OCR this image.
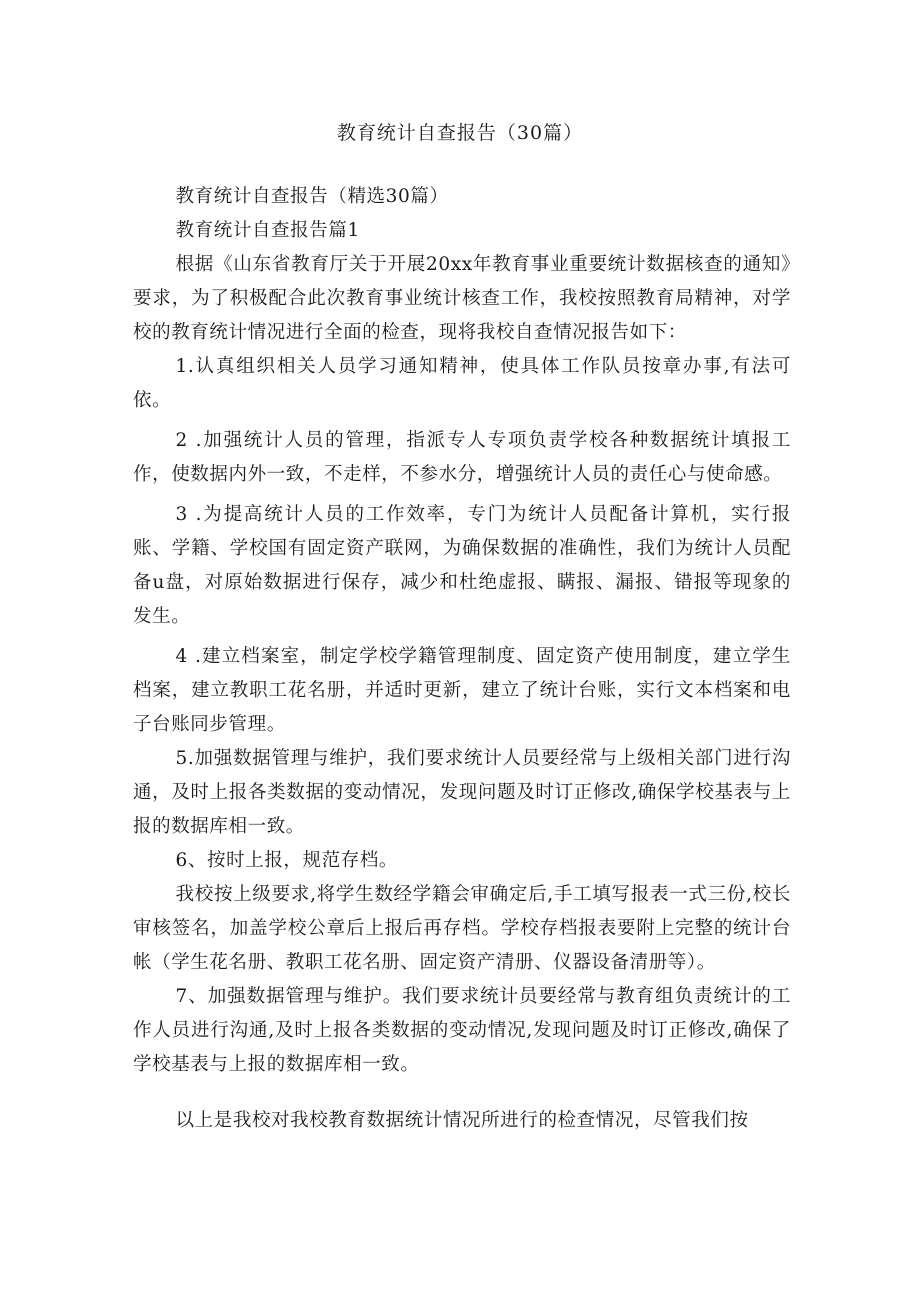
教育统计自查报告（30篇）

教育统计自查报告（精选30篇）

教育统计自查报告篇1

根据《山东省教育厅关于开展20xx年教育事业重要统计数据核查的通知》要求，为了积极配合此次教育事业统计核查工作，我校按照教育局精神，对学校的教育统计情况进行全面的检查，现将我校自查情况报告如下：

1.认真组织相关人员学习通知精神，使具体工作队员按章办事,有法可依。

2 .加强统计人员的管理，指派专人专项负责学校各种数据统计填报工作，使数据内外一致，不走样，不参水分，增强统计人员的责任心与使命感。

3 .为提高统计人员的工作效率，专门为统计人员配备计算机，实行报账、学籍、学校国有固定资产联网，为确保数据的准确性，我们为统计人员配备u盘，对原始数据进行保存，减少和杜绝虚报、瞒报、漏报、错报等现象的发生。

4 .建立档案室，制定学校学籍管理制度、固定资产使用制度，建立学生档案，建立教职工花名册，并适时更新，建立了统计台账，实行文本档案和电子台账同步管理。

5.加强数据管理与维护，我们要求统计人员要经常与上级相关部门进行沟通，及时上报各类数据的变动情况，发现问题及时订正修改,确保学校基表与上报的数据库相一致。

6、按时上报，规范存档。

我校按上级要求,将学生数经学籍会审确定后,手工填写报表一式三份,校长审核签名，加盖学校公章后上报后再存档。学校存档报表要附上完整的统计台帐（学生花名册、教职工花名册、固定资产清册、仪器设备清册等）。

7、加强数据管理与维护。我们要求统计员要经常与教育组负责统计的工作人员进行沟通,及时上报各类数据的变动情况,发现问题及时订正修改,确保了学校基表与上报的数据库相一致。

以上是我校对我校教育数据统计情况所进行的检查情况，尽管我们按
